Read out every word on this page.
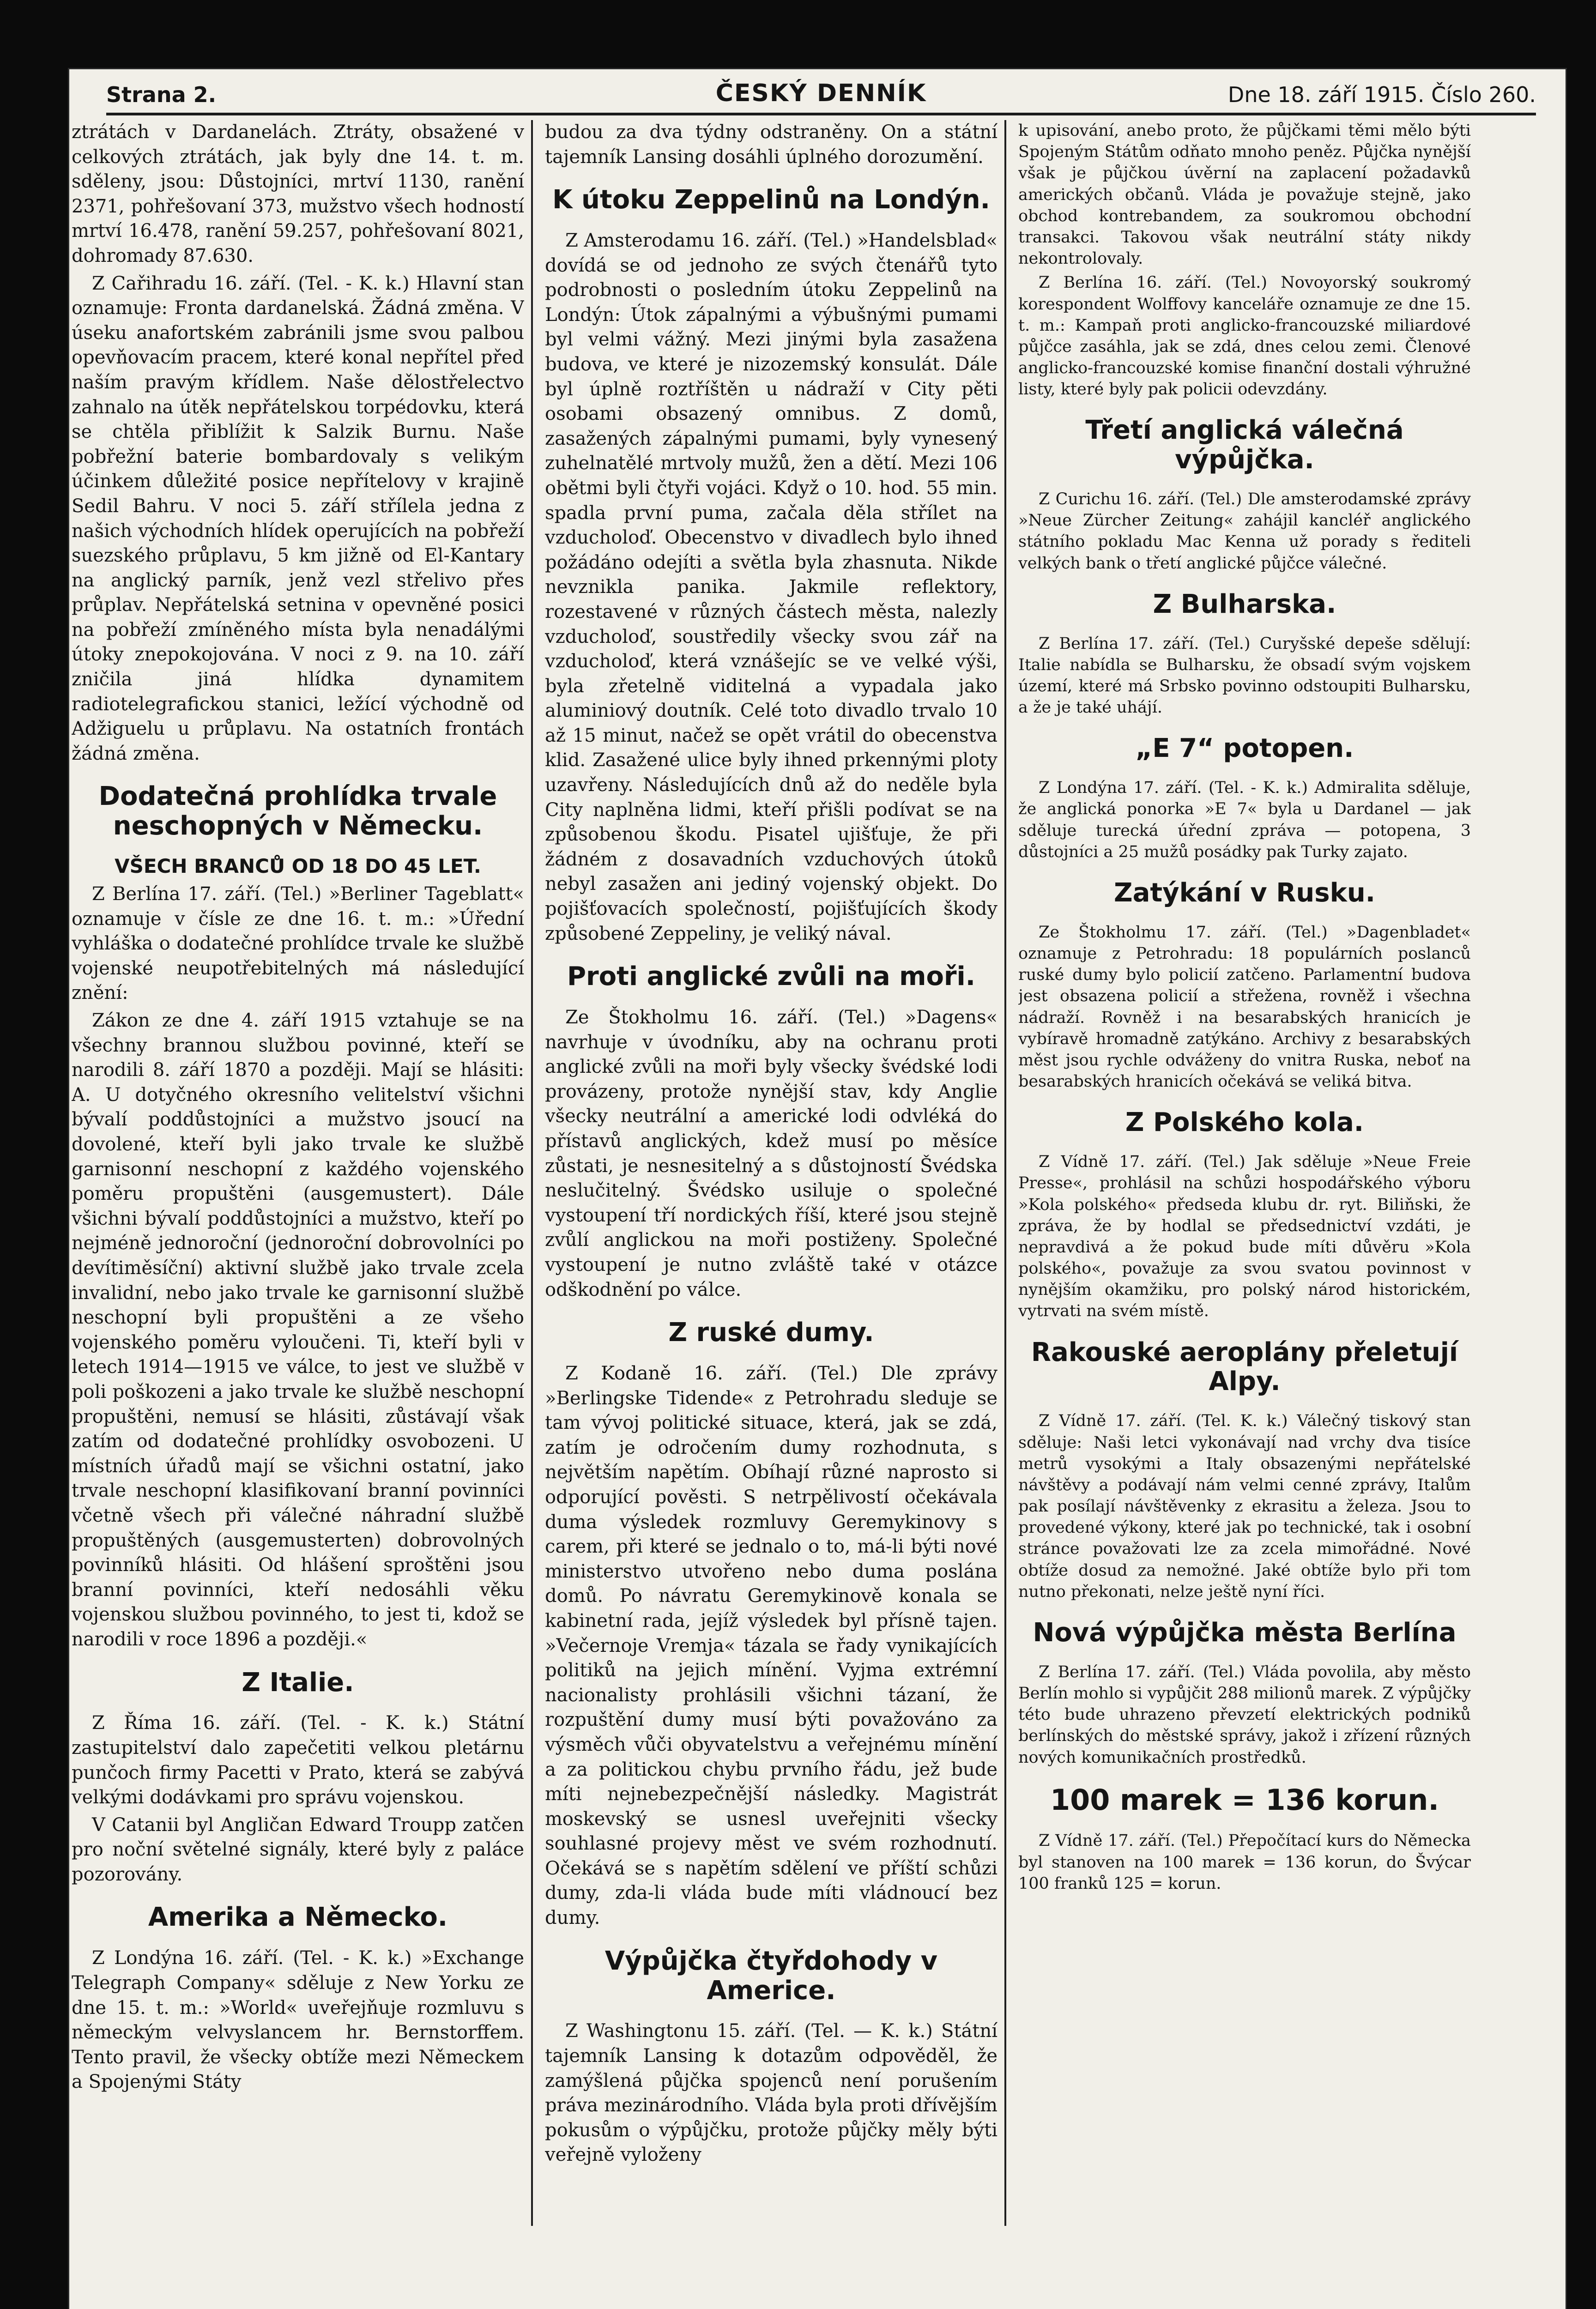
Strana 2.	ČESKÝ DENNÍK	Dne 18. září 1915. Číslo 260.

ztrátách v Dardanelách. Ztráty, obsažené v celkových ztrátách, jak byly dne 14. t. m. sděleny, jsou: Důstojníci, mrtví 1130, ranění 2371, pohřešovaní 373, mužstvo všech hodností mrtví 16.478, ranění 59.257, pohřešovaní 8021, dohromady 87.630.

Z Cařihradu 16. září. (Tel. - K. k.) Hlavní stan oznamuje: Fronta dardanelská. Žádná změna. V úseku anafortském zabránili jsme svou palbou opevňovacím pracem, které konal nepřítel před naším pravým křídlem. Naše dělostřelectvo zahnalo na útěk nepřátelskou torpédovku, která se chtěla přiblížit k Salzik Burnu. Naše pobřežní baterie bombardovaly s velikým účinkem důležité posice nepřítelovy v krajině Sedil Bahru. V noci 5. září střílela jedna z našich východních hlídek operujících na pobřeží suezského průplavu, 5 km jižně od El-Kantary na anglický parník, jenž vezl střelivo přes průplav. Nepřátelská setnina v opevněné posici na pobřeží zmíněného místa byla nenadálými útoky znepokojována. V noci z 9. na 10. září zničila jiná hlídka dynamitem radiotelegrafickou stanici, ležící východně od Adžiguelu u průplavu. Na ostatních frontách žádná změna.

Dodatečná prohlídka trvale neschopných v Německu.
VŠECH BRANCŮ OD 18 DO 45 LET.

Z Berlína 17. září. (Tel.) »Berliner Tageblatt« oznamuje v čísle ze dne 16. t. m.: »Úřední vyhláška o dodatečné prohlídce trvale ke službě vojenské neupotřebitelných má následující znění:

Zákon ze dne 4. září 1915 vztahuje se na všechny brannou službou povinné, kteří se narodili 8. září 1870 a později. Mají se hlásiti: A. U dotyčného okresního velitelství všichni bývalí poddůstojníci a mužstvo jsoucí na dovolené, kteří byli jako trvale ke službě garnisonní neschopní z každého vojenského poměru propuštěni (ausgemustert). Dále všichni bývalí poddůstojníci a mužstvo, kteří po nejméně jednoroční (jednoroční dobrovolníci po devítiměsíční) aktivní službě jako trvale zcela invalidní, nebo jako trvale ke garnisonní službě neschopní byli propuštěni a ze všeho vojenského poměru vyloučeni. Ti, kteří byli v letech 1914—1915 ve válce, to jest ve službě v poli poškozeni a jako trvale ke službě neschopní propuštěni, nemusí se hlásiti, zůstávají však zatím od dodatečné prohlídky osvobozeni. U místních úřadů mají se všichni ostatní, jako trvale neschopní klasifikovaní branní povinníci včetně všech při válečné náhradní službě propuštěných (ausgemusterten) dobrovolných povinníků hlásiti. Od hlášení sproštěni jsou branní povinníci, kteří nedosáhli věku vojenskou službou povinného, to jest ti, kdož se narodili v roce 1896 a později.«

Z Italie.

Z Říma 16. září. (Tel. - K. k.) Státní zastupitelství dalo zapečetiti velkou pletárnu punčoch firmy Pacetti v Prato, která se zabývá velkými dodávkami pro správu vojenskou.

V Catanii byl Angličan Edward Troupp zatčen pro noční světelné signály, které byly z paláce pozorovány.

Amerika a Německo.

Z Londýna 16. září. (Tel. - K. k.) »Exchange Telegraph Company« sděluje z New Yorku ze dne 15. t. m.: »World« uveřejňuje rozmluvu s německým velvyslancem hr. Bernstorffem. Tento pravil, že všecky obtíže mezi Německem a Spojenými Státy

budou za dva týdny odstraněny. On a státní tajemník Lansing dosáhli úplného dorozumění.

K útoku Zeppelinů na Londýn.

Z Amsterodamu 16. září. (Tel.) »Handelsblad« dovídá se od jednoho ze svých čtenářů tyto podrobnosti o posledním útoku Zeppelinů na Londýn: Útok zápalnými a výbušnými pumami byl velmi vážný. Mezi jinými byla zasažena budova, ve které je nizozemský konsulát. Dále byl úplně roztříštěn u nádraží v City pěti osobami obsazený omnibus. Z domů, zasažených zápalnými pumami, byly vynesený zuhelnatělé mrtvoly mužů, žen a dětí. Mezi 106 obětmi byli čtyři vojáci. Když o 10. hod. 55 min. spadla první puma, začala děla střílet na vzducholoď. Obecenstvo v divadlech bylo ihned požádáno odejíti a světla byla zhasnuta. Nikde nevznikla panika. Jakmile reflektory, rozestavené v různých částech města, nalezly vzducholoď, soustředily všecky svou zář na vzducholoď, která vznášejíc se ve velké výši, byla zřetelně viditelná a vypadala jako aluminiový doutník. Celé toto divadlo trvalo 10 až 15 minut, načež se opět vrátil do obecenstva klid. Zasažené ulice byly ihned prkennými ploty uzavřeny. Následujících dnů až do neděle byla City naplněna lidmi, kteří přišli podívat se na způsobenou škodu. Pisatel ujišťuje, že při žádném z dosavadních vzduchových útoků nebyl zasažen ani jediný vojenský objekt. Do pojišťovacích společností, pojišťujících škody způsobené Zeppeliny, je veliký nával.

Proti anglické zvůli na moři.

Ze Štokholmu 16. září. (Tel.) »Dagens« navrhuje v úvodníku, aby na ochranu proti anglické zvůli na moři byly všecky švédské lodi provázeny, protože nynější stav, kdy Anglie všecky neutrální a americké lodi odvléká do přístavů anglických, kdež musí po měsíce zůstati, je nesnesitelný a s důstojností Švédska neslučitelný. Švédsko usiluje o společné vystoupení tří nordických říší, které jsou stejně zvůlí anglickou na moři postiženy. Společné vystoupení je nutno zvláště také v otázce odškodnění po válce.

Z ruské dumy.

Z Kodaně 16. září. (Tel.) Dle zprávy »Berlingske Tidende« z Petrohradu sleduje se tam vývoj politické situace, která, jak se zdá, zatím je odročením dumy rozhodnuta, s největším napětím. Obíhají různé naprosto si odporující pověsti. S netrpělivostí očekávala duma výsledek rozmluvy Geremykinovy s carem, při které se jednalo o to, má-li býti nové ministerstvo utvořeno nebo duma poslána domů. Po návratu Geremykinově konala se kabinetní rada, jejíž výsledek byl přísně tajen. »Večernoje Vremja« tázala se řady vynikajících politiků na jejich mínění. Vyjma extrémní nacionalisty prohlásili všichni tázaní, že rozpuštění dumy musí býti považováno za výsměch vůči obyvatelstvu a veřejnému mínění a za politickou chybu prvního řádu, jež bude míti nejnebezpečnější následky. Magistrát moskevský se usnesl uveřejniti všecky souhlasné projevy měst ve svém rozhodnutí. Očekává se s napětím sdělení ve příští schůzi dumy, zda-li vláda bude míti vládnoucí bez dumy.

Výpůjčka čtyřdohody v Americe.

Z Washingtonu 15. září. (Tel. — K. k.) Státní tajemník Lansing k dotazům odpověděl, že zamýšlená půjčka spojenců není porušením práva mezinárodního. Vláda byla proti dřívějším pokusům o výpůjčku, protože půjčky měly býti veřejně vyloženy

k upisování, anebo proto, že půjčkami těmi mělo býti Spojeným Státům odňato mnoho peněz. Půjčka nynější však je půjčkou úvěrní na zaplacení požadavků amerických občanů. Vláda je považuje stejně, jako obchod kontrebandem, za soukromou obchodní transakci. Takovou však neutrální státy nikdy nekontrolovaly.

Z Berlína 16. září. (Tel.) Novoyorský soukromý korespondent Wolffovy kanceláře oznamuje ze dne 15. t. m.: Kampaň proti anglicko-francouzské miliardové půjčce zasáhla, jak se zdá, dnes celou zemi. Členové anglicko-francouzské komise finanční dostali výhružné listy, které byly pak policii odevzdány.

Třetí anglická válečná výpůjčka.

Z Curichu 16. září. (Tel.) Dle amsterodamské zprávy »Neue Zürcher Zeitung« zahájil kancléř anglického státního pokladu Mac Kenna už porady s řediteli velkých bank o třetí anglické půjčce válečné.

Z Bulharska.

Z Berlína 17. září. (Tel.) Curyšské depeše sdělují: Italie nabídla se Bulharsku, že obsadí svým vojskem území, které má Srbsko povinno odstoupiti Bulharsku, a že je také uhájí.

„E 7“ potopen.

Z Londýna 17. září. (Tel. - K. k.) Admiralita sděluje, že anglická ponorka »E 7« byla u Dardanel — jak sděluje turecká úřední zpráva — potopena, 3 důstojníci a 25 mužů posádky pak Turky zajato.

Zatýkání v Rusku.

Ze Štokholmu 17. září. (Tel.) »Dagenbladet« oznamuje z Petrohradu: 18 populárních poslanců ruské dumy bylo policií zatčeno. Parlamentní budova jest obsazena policií a střežena, rovněž i všechna nádraží. Rovněž i na besarabských hranicích je vybíravě hromadně zatýkáno. Archivy z besarabských měst jsou rychle odváženy do vnitra Ruska, neboť na besarabských hranicích očekává se veliká bitva.

Z Polského kola.

Z Vídně 17. září. (Tel.) Jak sděluje »Neue Freie Presse«, prohlásil na schůzi hospodářského výboru »Kola polského« předseda klubu dr. ryt. Biliňski, že zpráva, že by hodlal se předsednictví vzdáti, je nepravdivá a že pokud bude míti důvěru »Kola polského«, považuje za svou svatou povinnost v nynějším okamžiku, pro polský národ historickém, vytrvati na svém místě.

Rakouské aeroplány přeletují Alpy.

Z Vídně 17. září. (Tel. K. k.) Válečný tiskový stan sděluje: Naši letci vykonávají nad vrchy dva tisíce metrů vysokými a Italy obsazenými nepřátelské návštěvy a podávají nám velmi cenné zprávy, Italům pak posílají návštěvenky z ekrasitu a železa. Jsou to provedené výkony, které jak po technické, tak i osobní stránce považovati lze za zcela mimořádné. Nové obtíže dosud za nemožné. Jaké obtíže bylo při tom nutno překonati, nelze ještě nyní říci.

Nová výpůjčka města Berlína

Z Berlína 17. září. (Tel.) Vláda povolila, aby město Berlín mohlo si vypůjčit 288 milionů marek. Z výpůjčky této bude uhrazeno převzetí elektrických podniků berlínských do městské správy, jakož i zřízení různých nových komunikačních prostředků.

100 marek = 136 korun.

Z Vídně 17. září. (Tel.) Přepočítací kurs do Německa byl stanoven na 100 marek = 136 korun, do Švýcar 100 franků 125 = korun.
